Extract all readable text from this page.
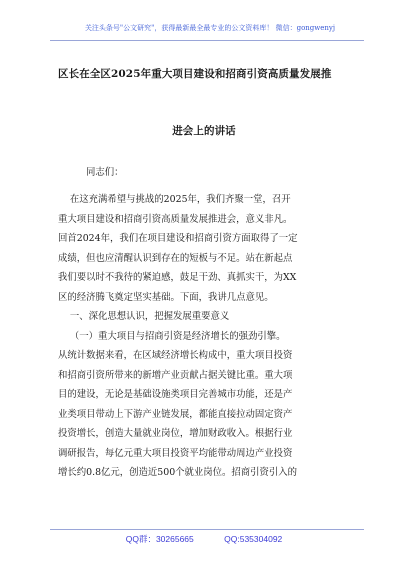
关注头条号"公文研究"，获得最新最全最专业的公文资料库！ 微信：gongwenyj
区长在全区2025年重大项目建设和招商引资高质量发展推
进会上的讲话
同志们：
在这充满希望与挑战的2025年，我们齐聚一堂，召开
重大项目建设和招商引资高质量发展推进会，意义非凡。
回首2024年，我们在项目建设和招商引资方面取得了一定
成绩，但也应清醒认识到存在的短板与不足。站在新起点
我们要以时不我待的紧迫感，鼓足干劲、真抓实干，为XX
区的经济腾飞奠定坚实基础。下面，我讲几点意见。
一、深化思想认识，把握发展重要意义
（一）重大项目与招商引资是经济增长的强劲引擎。
从统计数据来看，在区域经济增长构成中，重大项目投资
和招商引资所带来的新增产业贡献占据关键比重。重大项
目的建设，无论是基础设施类项目完善城市功能，还是产
业类项目带动上下游产业链发展，都能直接拉动固定资产
投资增长，创造大量就业岗位，增加财政收入。根据行业
调研报告，每亿元重大项目投资平均能带动周边产业投资
增长约0.8亿元，创造近500个就业岗位。招商引资引入的
QQ群：30265665	QQ:535304092
